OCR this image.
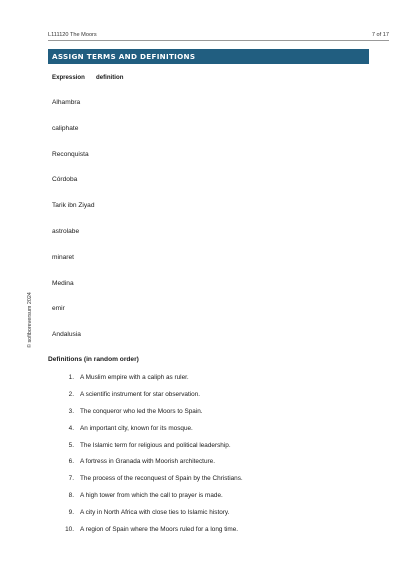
L111120 The Moors	7 of 17
ASSIGN TERMS AND DEFINITIONS
Expression definition
Alhambra
caliphate
Reconquista
Córdoba
Tarik ibn Ziyad
astrolabe
minaret
Medina
emir
Andalusia
© sofiboreversum 2024
Definitions (in random order)
1. A Muslim empire with a caliph as ruler.
2. A scientific instrument for star observation.
3. The conqueror who led the Moors to Spain.
4. An important city, known for its mosque.
5. The Islamic term for religious and political leadership.
6. A fortress in Granada with Moorish architecture.
7. The process of the reconquest of Spain by the Christians.
8. A high tower from which the call to prayer is made.
9. A city in North Africa with close ties to Islamic history.
10. A region of Spain where the Moors ruled for a long time.
